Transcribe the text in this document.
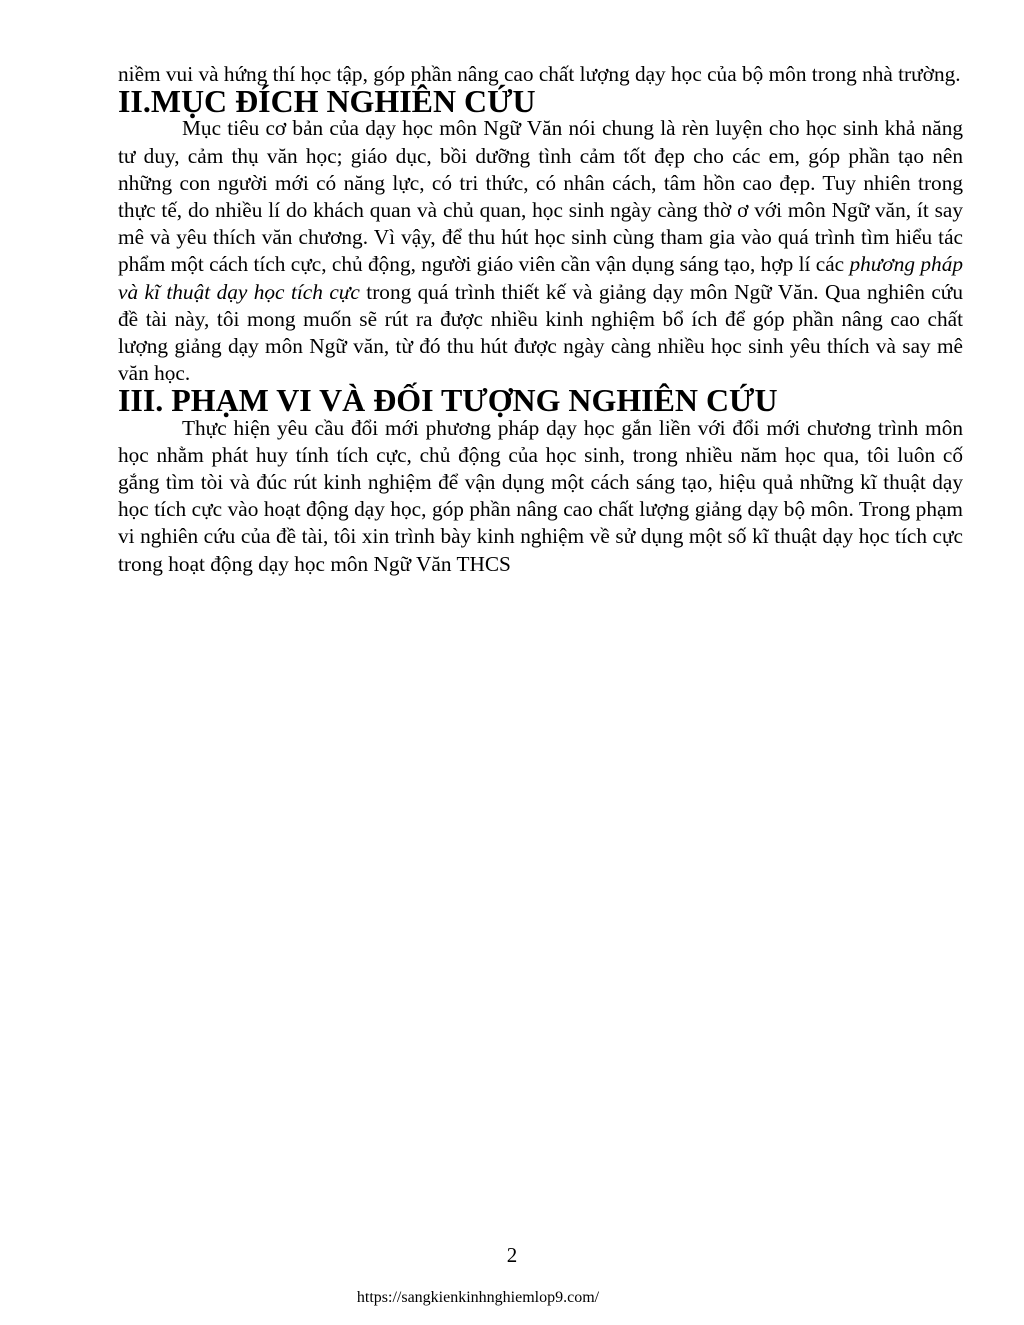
niềm vui và hứng thí học tập, góp phần nâng cao chất lượng dạy học của bộ môn trong nhà trường.

II.MỤC ĐÍCH NGHIÊN CỨU

Mục tiêu cơ bản của dạy học môn Ngữ Văn nói chung là rèn luyện cho học sinh khả năng tư duy, cảm thụ văn học; giáo dục, bồi dưỡng tình cảm tốt đẹp cho các em, góp phần tạo nên những con người mới có năng lực, có tri thức, có nhân cách, tâm hồn cao đẹp. Tuy nhiên trong thực tế, do nhiều lí do khách quan và chủ quan, học sinh ngày càng thờ ơ với môn Ngữ văn, ít say mê và yêu thích văn chương. Vì vậy, để thu hút học sinh cùng tham gia vào quá trình tìm hiểu tác phẩm một cách tích cực, chủ động, người giáo viên cần vận dụng sáng tạo, hợp lí các phương pháp và kĩ thuật dạy học tích cực trong quá trình thiết kế và giảng dạy môn Ngữ Văn. Qua nghiên cứu đề tài này, tôi mong muốn sẽ rút ra được nhiều kinh nghiệm bổ ích để góp phần nâng cao chất lượng giảng dạy môn Ngữ văn, từ đó thu hút được ngày càng nhiều học sinh yêu thích và say mê văn học.

III. PHẠM VI VÀ ĐỐI TƯỢNG NGHIÊN CỨU

Thực hiện yêu cầu đổi mới phương pháp dạy học gắn liền với đổi mới chương trình môn học nhằm phát huy tính tích cực, chủ động của học sinh, trong nhiều năm học qua, tôi luôn cố gắng tìm tòi và đúc rút kinh nghiệm để vận dụng một cách sáng tạo, hiệu quả những kĩ thuật dạy học tích cực vào hoạt động dạy học, góp phần nâng cao chất lượng giảng dạy bộ môn. Trong phạm vi nghiên cứu của đề tài, tôi xin trình bày kinh nghiệm về sử dụng một số kĩ thuật dạy học tích cực trong hoạt động dạy học môn Ngữ Văn THCS

2
https://sangkienkinhnghiemlop9.com/
